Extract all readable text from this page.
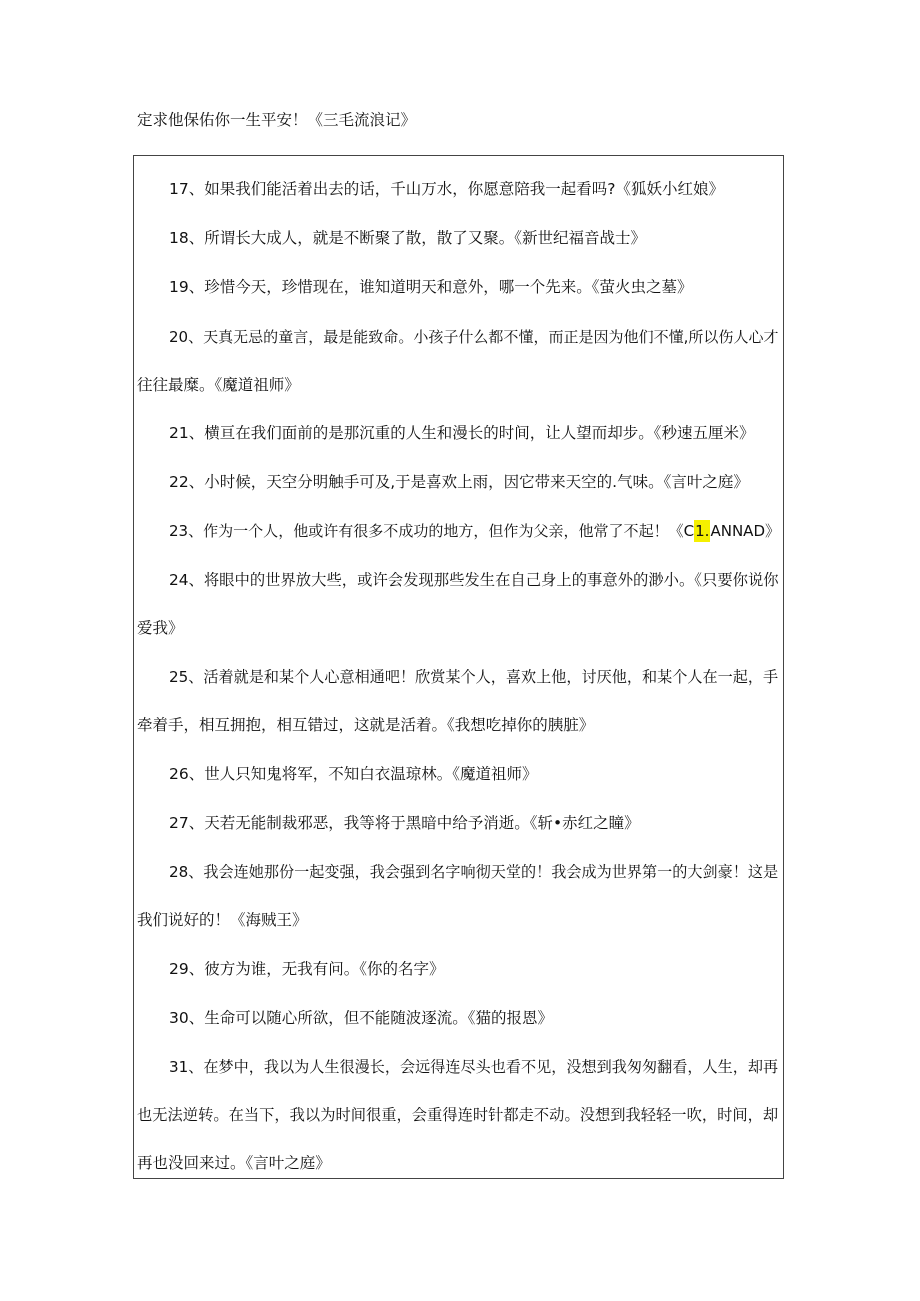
定求他保佑你一生平安！《三毛流浪记》
17、如果我们能活着出去的话，千山万水，你愿意陪我一起看吗?《狐妖小红娘》
18、所谓长大成人，就是不断聚了散，散了又聚。《新世纪福音战士》
19、珍惜今天，珍惜现在，谁知道明天和意外，哪一个先来。《萤火虫之墓》
20、天真无忌的童言，最是能致命。小孩子什么都不懂，而正是因为他们不懂,所以伤人心才
往往最糜。《魔道祖师》
21、横亘在我们面前的是那沉重的人生和漫长的时间，让人望而却步。《秒速五厘米》
22、小时候，天空分明触手可及,于是喜欢上雨，因它带来天空的.气味。《言叶之庭》
23、作为一个人，他或许有很多不成功的地方，但作为父亲，他常了不起！《C1.ANNAD》
24、将眼中的世界放大些，或许会发现那些发生在自己身上的事意外的渺小。《只要你说你
爱我》
25、活着就是和某个人心意相通吧！欣赏某个人，喜欢上他，讨厌他，和某个人在一起，手
牵着手，相互拥抱，相互错过，这就是活着。《我想吃掉你的胰脏》
26、世人只知鬼将军，不知白衣温琼林。《魔道祖师》
27、天若无能制裁邪恶，我等将于黑暗中给予消逝。《斩•赤红之瞳》
28、我会连她那份一起变强，我会强到名字响彻天堂的！我会成为世界第一的大剑豪！这是
我们说好的！《海贼王》
29、彼方为谁，无我有问。《你的名字》
30、生命可以随心所欲，但不能随波逐流。《猫的报恩》
31、在梦中，我以为人生很漫长，会远得连尽头也看不见，没想到我匆匆翻看，人生，却再
也无法逆转。在当下，我以为时间很重，会重得连时针都走不动。没想到我轻轻一吹，时间，却
再也没回来过。《言叶之庭》
